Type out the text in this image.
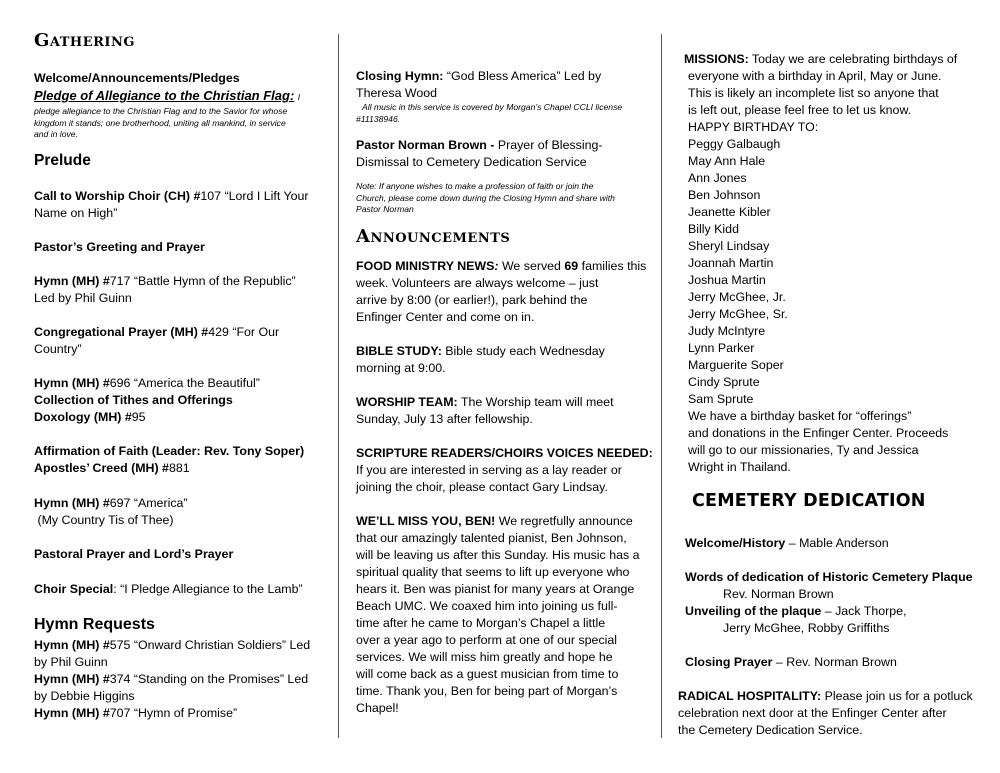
Gathering
Welcome/Announcements/Pledges
Pledge of Allegiance to the Christian Flag: I
pledge allegiance to the Christian Flag and to the Savior for whose
kingdom it stands; one brotherhood, uniting all mankind, in service
and in love.
Prelude
Call to Worship Choir (CH) #107 “Lord I Lift Your
Name on High”
Pastor’s Greeting and Prayer
Hymn (MH) #717 “Battle Hymn of the Republic”
Led by Phil Guinn
Congregational Prayer (MH) #429 “For Our
Country”
Hymn (MH) #696 “America the Beautiful”
Collection of Tithes and Offerings
Doxology (MH) #95
Affirmation of Faith (Leader: Rev. Tony Soper)
Apostles’ Creed (MH) #881
Hymn (MH) #697 “America”
(My Country Tis of Thee)
Pastoral Prayer and Lord’s Prayer
Choir Special: “I Pledge Allegiance to the Lamb”
Hymn Requests
Hymn (MH) #575 “Onward Christian Soldiers” Led
by Phil Guinn
Hymn (MH) #374 “Standing on the Promises” Led
by Debbie Higgins
Hymn (MH) #707 “Hymn of Promise”
Closing Hymn: “God Bless America” Led by
Theresa Wood
All music in this service is covered by Morgan’s Chapel CCLI license
#11138946.
Pastor Norman Brown - Prayer of Blessing-
Dismissal to Cemetery Dedication Service
Note: If anyone wishes to make a profession of faith or join the
Church, please come down during the Closing Hymn and share with
Pastor Norman
Announcements
FOOD MINISTRY NEWS: We served 69 families this
week. Volunteers are always welcome – just
arrive by 8:00 (or earlier!), park behind the
Enfinger Center and come on in.
BIBLE STUDY: Bible study each Wednesday
morning at 9:00.
WORSHIP TEAM: The Worship team will meet
Sunday, July 13 after fellowship.
SCRIPTURE READERS/CHOIRS VOICES NEEDED:
If you are interested in serving as a lay reader or
joining the choir, please contact Gary Lindsay.
WE’LL MISS YOU, BEN! We regretfully announce
that our amazingly talented pianist, Ben Johnson,
will be leaving us after this Sunday. His music has a
spiritual quality that seems to lift up everyone who
hears it. Ben was pianist for many years at Orange
Beach UMC. We coaxed him into joining us full-
time after he came to Morgan’s Chapel a little
over a year ago to perform at one of our special
services. We will miss him greatly and hope he
will come back as a guest musician from time to
time. Thank you, Ben for being part of Morgan’s
Chapel!
MISSIONS: Today we are celebrating birthdays of
everyone with a birthday in April, May or June.
This is likely an incomplete list so anyone that
is left out, please feel free to let us know.
HAPPY BIRTHDAY TO:
Peggy Galbaugh
May Ann Hale
Ann Jones
Ben Johnson
Jeanette Kibler
Billy Kidd
Sheryl Lindsay
Joannah Martin
Joshua Martin
Jerry McGhee, Jr.
Jerry McGhee, Sr.
Judy McIntyre
Lynn Parker
Marguerite Soper
Cindy Sprute
Sam Sprute
We have a birthday basket for “offerings”
and donations in the Enfinger Center. Proceeds
will go to our missionaries, Ty and Jessica
Wright in Thailand.
CEMETERY DEDICATION
Welcome/History – Mable Anderson
Words of dedication of Historic Cemetery Plaque
Rev. Norman Brown
Unveiling of the plaque – Jack Thorpe,
Jerry McGhee, Robby Griffiths
Closing Prayer – Rev. Norman Brown
RADICAL HOSPITALITY: Please join us for a potluck
celebration next door at the Enfinger Center after
the Cemetery Dedication Service.
